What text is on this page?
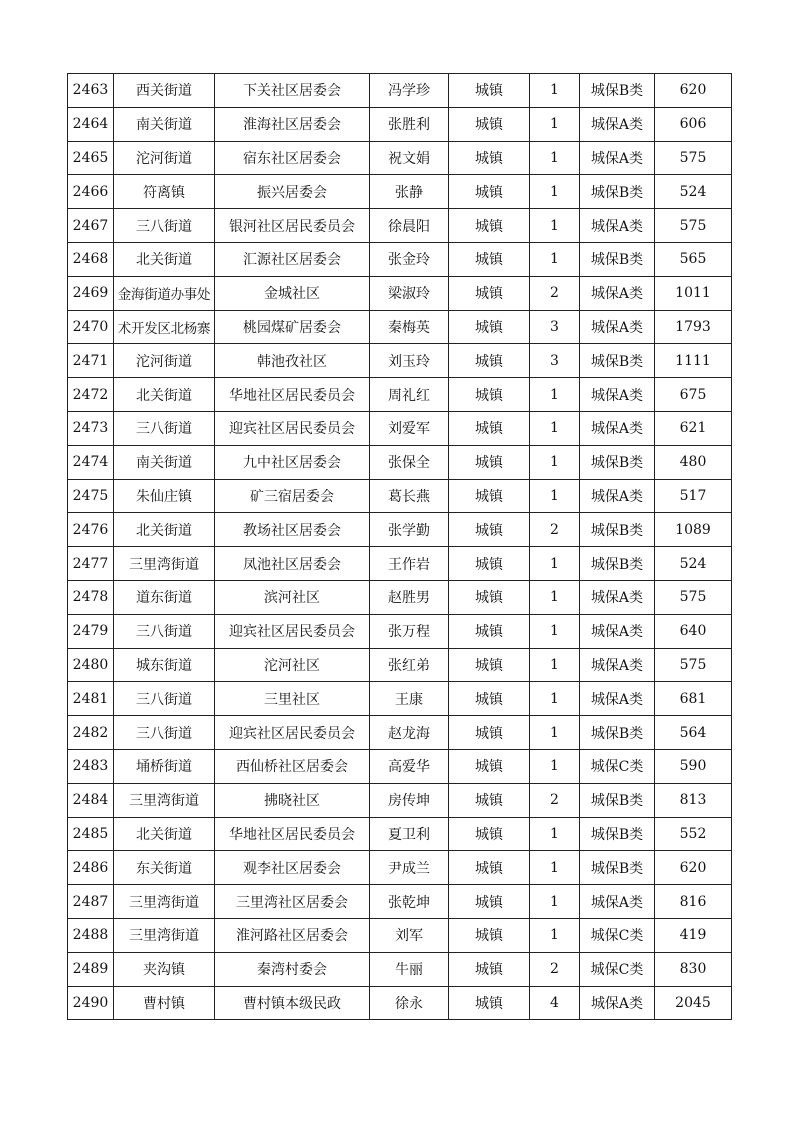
2463	西关街道	下关社区居委会	冯学珍	城镇	1	城保B类	620
2464	南关街道	淮海社区居委会	张胜利	城镇	1	城保A类	606
2465	沱河街道	宿东社区居委会	祝文娟	城镇	1	城保A类	575
2466	符离镇	振兴居委会	张静	城镇	1	城保B类	524
2467	三八街道	银河社区居民委员会	徐晨阳	城镇	1	城保A类	575
2468	北关街道	汇源社区居委会	张金玲	城镇	1	城保B类	565
2469	金海街道办事处	金城社区	梁淑玲	城镇	2	城保A类	1011
2470	术开发区北杨寨	桃园煤矿居委会	秦梅英	城镇	3	城保A类	1793
2471	沱河街道	韩池孜社区	刘玉玲	城镇	3	城保B类	1111
2472	北关街道	华地社区居民委员会	周礼红	城镇	1	城保A类	675
2473	三八街道	迎宾社区居民委员会	刘爱军	城镇	1	城保A类	621
2474	南关街道	九中社区居委会	张保全	城镇	1	城保B类	480
2475	朱仙庄镇	矿三宿居委会	葛长燕	城镇	1	城保A类	517
2476	北关街道	教场社区居委会	张学勤	城镇	2	城保B类	1089
2477	三里湾街道	凤池社区居委会	王作岩	城镇	1	城保B类	524
2478	道东街道	滨河社区	赵胜男	城镇	1	城保A类	575
2479	三八街道	迎宾社区居民委员会	张万程	城镇	1	城保A类	640
2480	城东街道	沱河社区	张红弟	城镇	1	城保A类	575
2481	三八街道	三里社区	王康	城镇	1	城保A类	681
2482	三八街道	迎宾社区居民委员会	赵龙海	城镇	1	城保B类	564
2483	埇桥街道	西仙桥社区居委会	高爱华	城镇	1	城保C类	590
2484	三里湾街道	拂晓社区	房传坤	城镇	2	城保B类	813
2485	北关街道	华地社区居民委员会	夏卫利	城镇	1	城保B类	552
2486	东关街道	观李社区居委会	尹成兰	城镇	1	城保B类	620
2487	三里湾街道	三里湾社区居委会	张乾坤	城镇	1	城保A类	816
2488	三里湾街道	淮河路社区居委会	刘军	城镇	1	城保C类	419
2489	夹沟镇	秦湾村委会	牛丽	城镇	2	城保C类	830
2490	曹村镇	曹村镇本级民政	徐永	城镇	4	城保A类	2045
